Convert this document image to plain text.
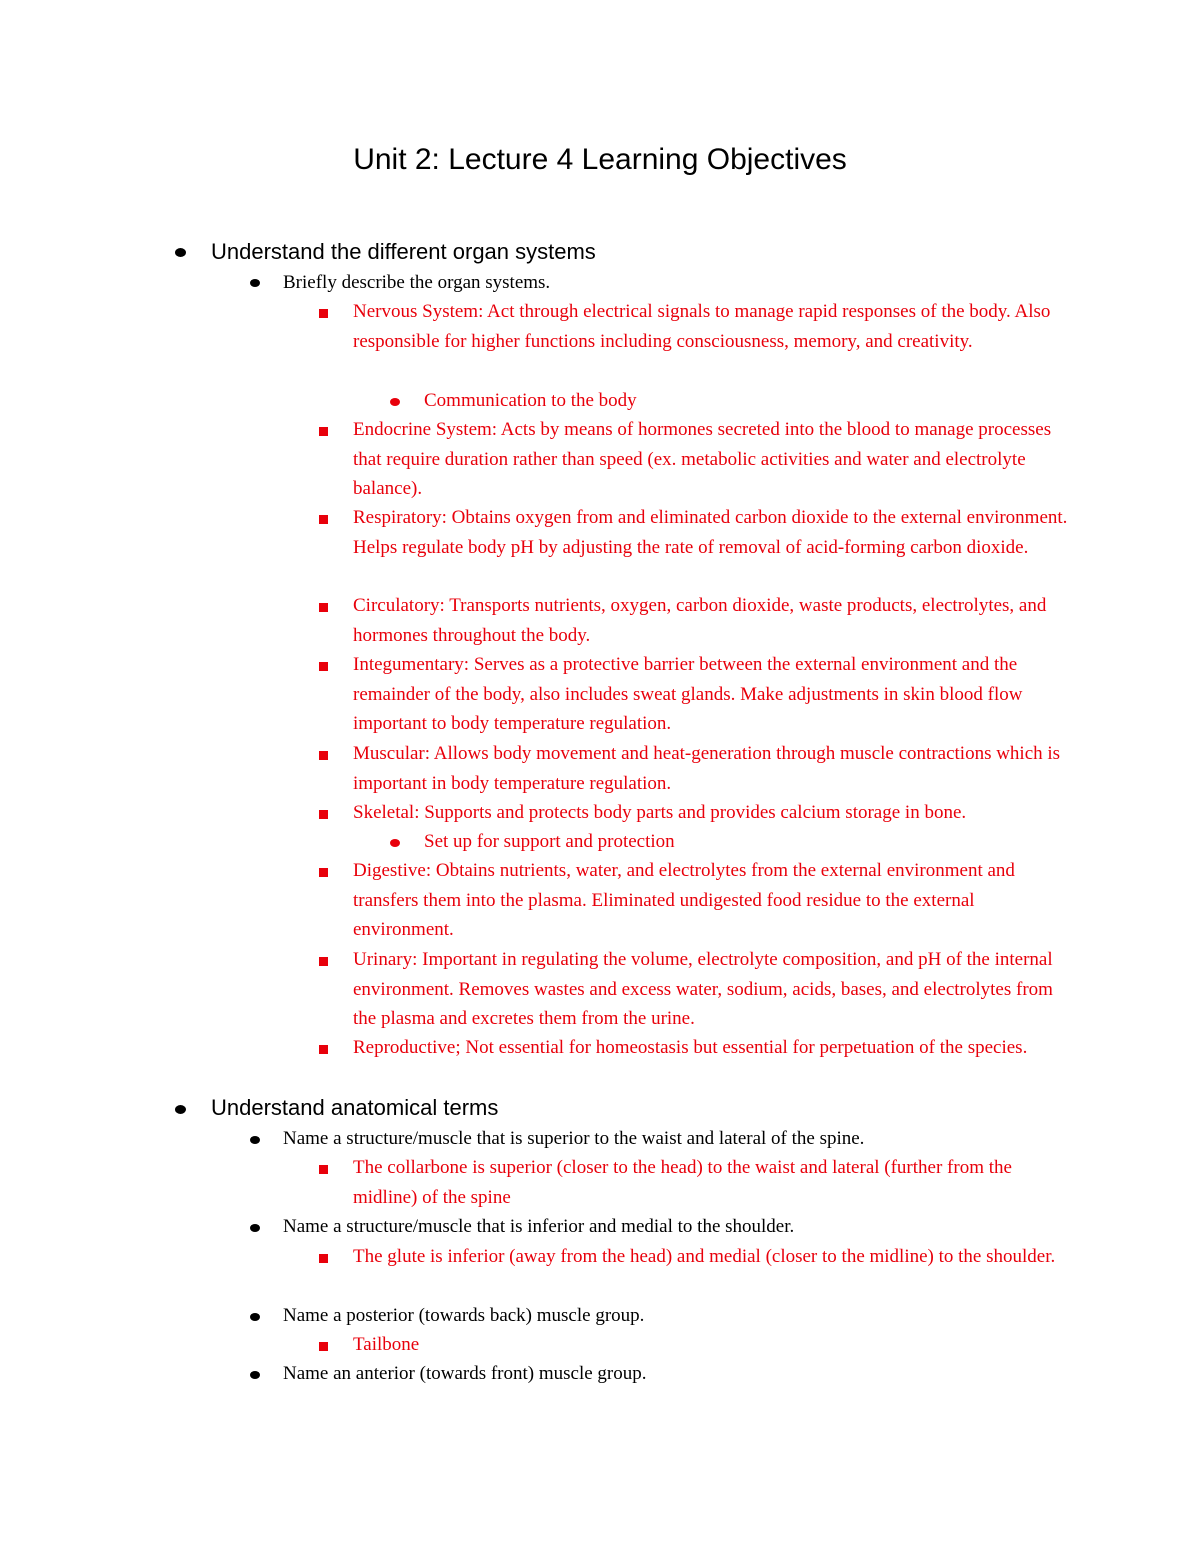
Unit 2: Lecture 4 Learning Objectives

Understand the different organ systems

Briefly describe the organ systems.

Nervous System: Act through electrical signals to manage rapid responses of the body. Also responsible for higher functions including consciousness, memory, and creativity.

Communication to the body

Endocrine System: Acts by means of hormones secreted into the blood to manage processes that require duration rather than speed (ex. metabolic activities and water and electrolyte balance).

Respiratory: Obtains oxygen from and eliminated carbon dioxide to the external environment. Helps regulate body pH by adjusting the rate of removal of acid-forming carbon dioxide.

Circulatory: Transports nutrients, oxygen, carbon dioxide, waste products, electrolytes, and hormones throughout the body.

Integumentary: Serves as a protective barrier between the external environment and the remainder of the body, also includes sweat glands. Make adjustments in skin blood flow important to body temperature regulation.

Muscular: Allows body movement and heat-generation through muscle contractions which is important in body temperature regulation.

Skeletal: Supports and protects body parts and provides calcium storage in bone.

Set up for support and protection

Digestive: Obtains nutrients, water, and electrolytes from the external environment and transfers them into the plasma. Eliminated undigested food residue to the external environment.

Urinary: Important in regulating the volume, electrolyte composition, and pH of the internal environment. Removes wastes and excess water, sodium, acids, bases, and electrolytes from the plasma and excretes them from the urine.

Reproductive; Not essential for homeostasis but essential for perpetuation of the species.

Understand anatomical terms

Name a structure/muscle that is superior to the waist and lateral of the spine.

The collarbone is superior (closer to the head) to the waist and lateral (further from the midline) of the spine

Name a structure/muscle that is inferior and medial to the shoulder.

The glute is inferior (away from the head) and medial (closer to the midline) to the shoulder.

Name a posterior (towards back) muscle group.

Tailbone

Name an anterior (towards front) muscle group.
